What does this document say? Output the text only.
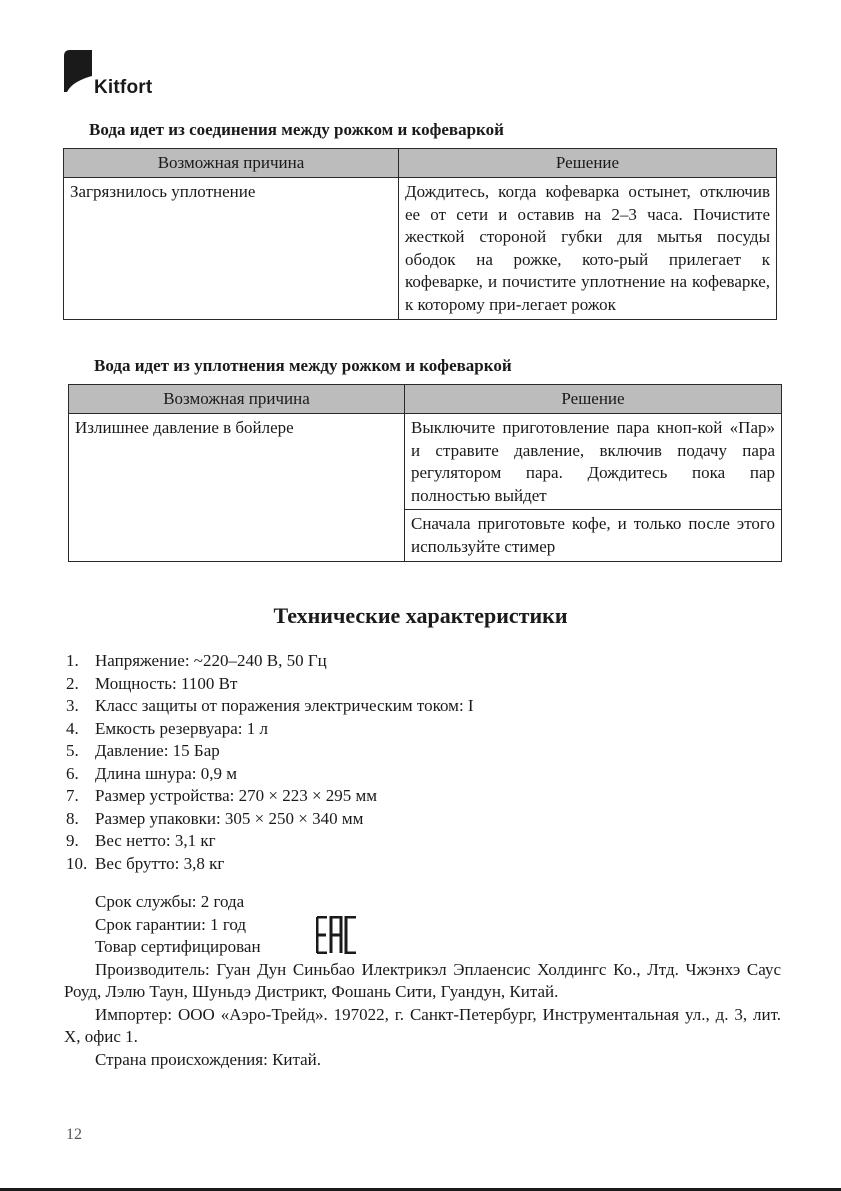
Kitfort
Вода идет из соединения между рожком и кофеваркой
Возможная причина	Решение
Загрязнилось уплотнение	Дождитесь, когда кофеварка остынет, отключив ее от сети и оставив на 2–3 часа. Почистите жесткой стороной губки для мытья посуды ободок на рожке, кото-рый прилегает к кофеварке, и почистите уплотнение на кофеварке, к которому при-легает рожок
Вода идет из уплотнения между рожком и кофеваркой
Возможная причина	Решение
Излишнее давление в бойлере	Выключите приготовление пара кноп-кой «Пар» и стравите давление, включив подачу пара регулятором пара. Дождитесь пока пар полностью выйдет
	Сначала приготовьте кофе, и только после этого используйте стимер
Технические характеристики
1. Напряжение: ~220–240 В, 50 Гц
2. Мощность: 1100 Вт
3. Класс защиты от поражения электрическим током: I
4. Емкость резервуара: 1 л
5. Давление: 15 Бар
6. Длина шнура: 0,9 м
7. Размер устройства: 270 × 223 × 295 мм
8. Размер упаковки: 305 × 250 × 340 мм
9. Вес нетто: 3,1 кг
10. Вес брутто: 3,8 кг

Срок службы: 2 года

Срок гарантии: 1 год

Товар сертифицирован

Производитель: Гуан Дун Синьбао Илектрикэл Эплаенсис Холдингс Ко., Лтд. Чжэнхэ Саус Роуд, Лэлю Таун, Шуньдэ Дистрикт, Фошань Сити, Гуандун, Китай.

Импортер: ООО «Аэро-Трейд». 197022, г. Санкт-Петербург, Инструментальная ул., д. 3, лит. Х, офис 1.

Страна происхождения: Китай.

12
